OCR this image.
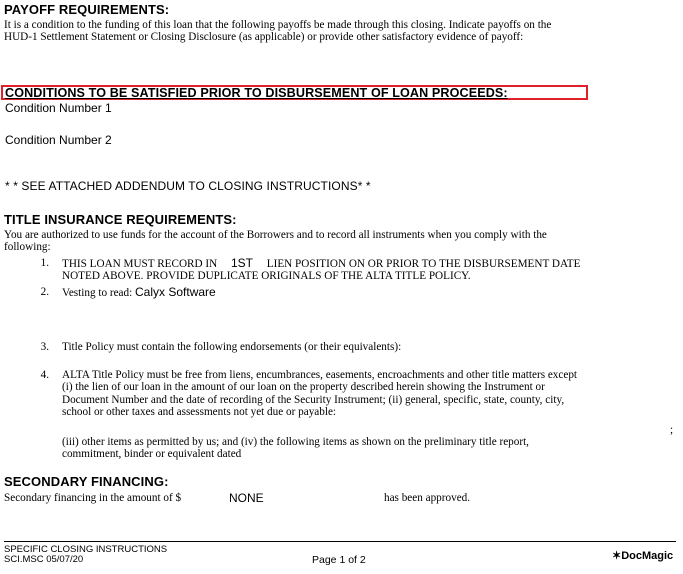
PAYOFF REQUIREMENTS:
It is a condition to the funding of this loan that the following payoffs be made through this closing. Indicate payoffs on the
HUD-1 Settlement Statement or Closing Disclosure (as applicable) or provide other satisfactory evidence of payoff:
CONDITIONS TO BE SATISFIED PRIOR TO DISBURSEMENT OF LOAN PROCEEDS:
Condition Number 1
Condition Number 2
* * SEE ATTACHED ADDENDUM TO CLOSING INSTRUCTIONS* *
TITLE INSURANCE REQUIREMENTS:
You are authorized to use funds for the account of the Borrowers and to record all instruments when you comply with the
following:
1. THIS LOAN MUST RECORD IN 1ST LIEN POSITION ON OR PRIOR TO THE DISBURSEMENT DATE
NOTED ABOVE. PROVIDE DUPLICATE ORIGINALS OF THE ALTA TITLE POLICY.
2. Vesting to read: Calyx Software
3. Title Policy must contain the following endorsements (or their equivalents):
4. ALTA Title Policy must be free from liens, encumbrances, easements, encroachments and other title matters except
(i) the lien of our loan in the amount of our loan on the property described herein showing the Instrument or
Document Number and the date of recording of the Security Instrument; (ii) general, specific, state, county, city,
school or other taxes and assessments not yet due or payable:
;
(iii) other items as permitted by us; and (iv) the following items as shown on the preliminary title report,
commitment, binder or equivalent dated
SECONDARY FINANCING:
Secondary financing in the amount of $	NONE	has been approved.
SPECIFIC CLOSING INSTRUCTIONS
SCI.MSC 05/07/20	Page 1 of 2	✶DocMagic
